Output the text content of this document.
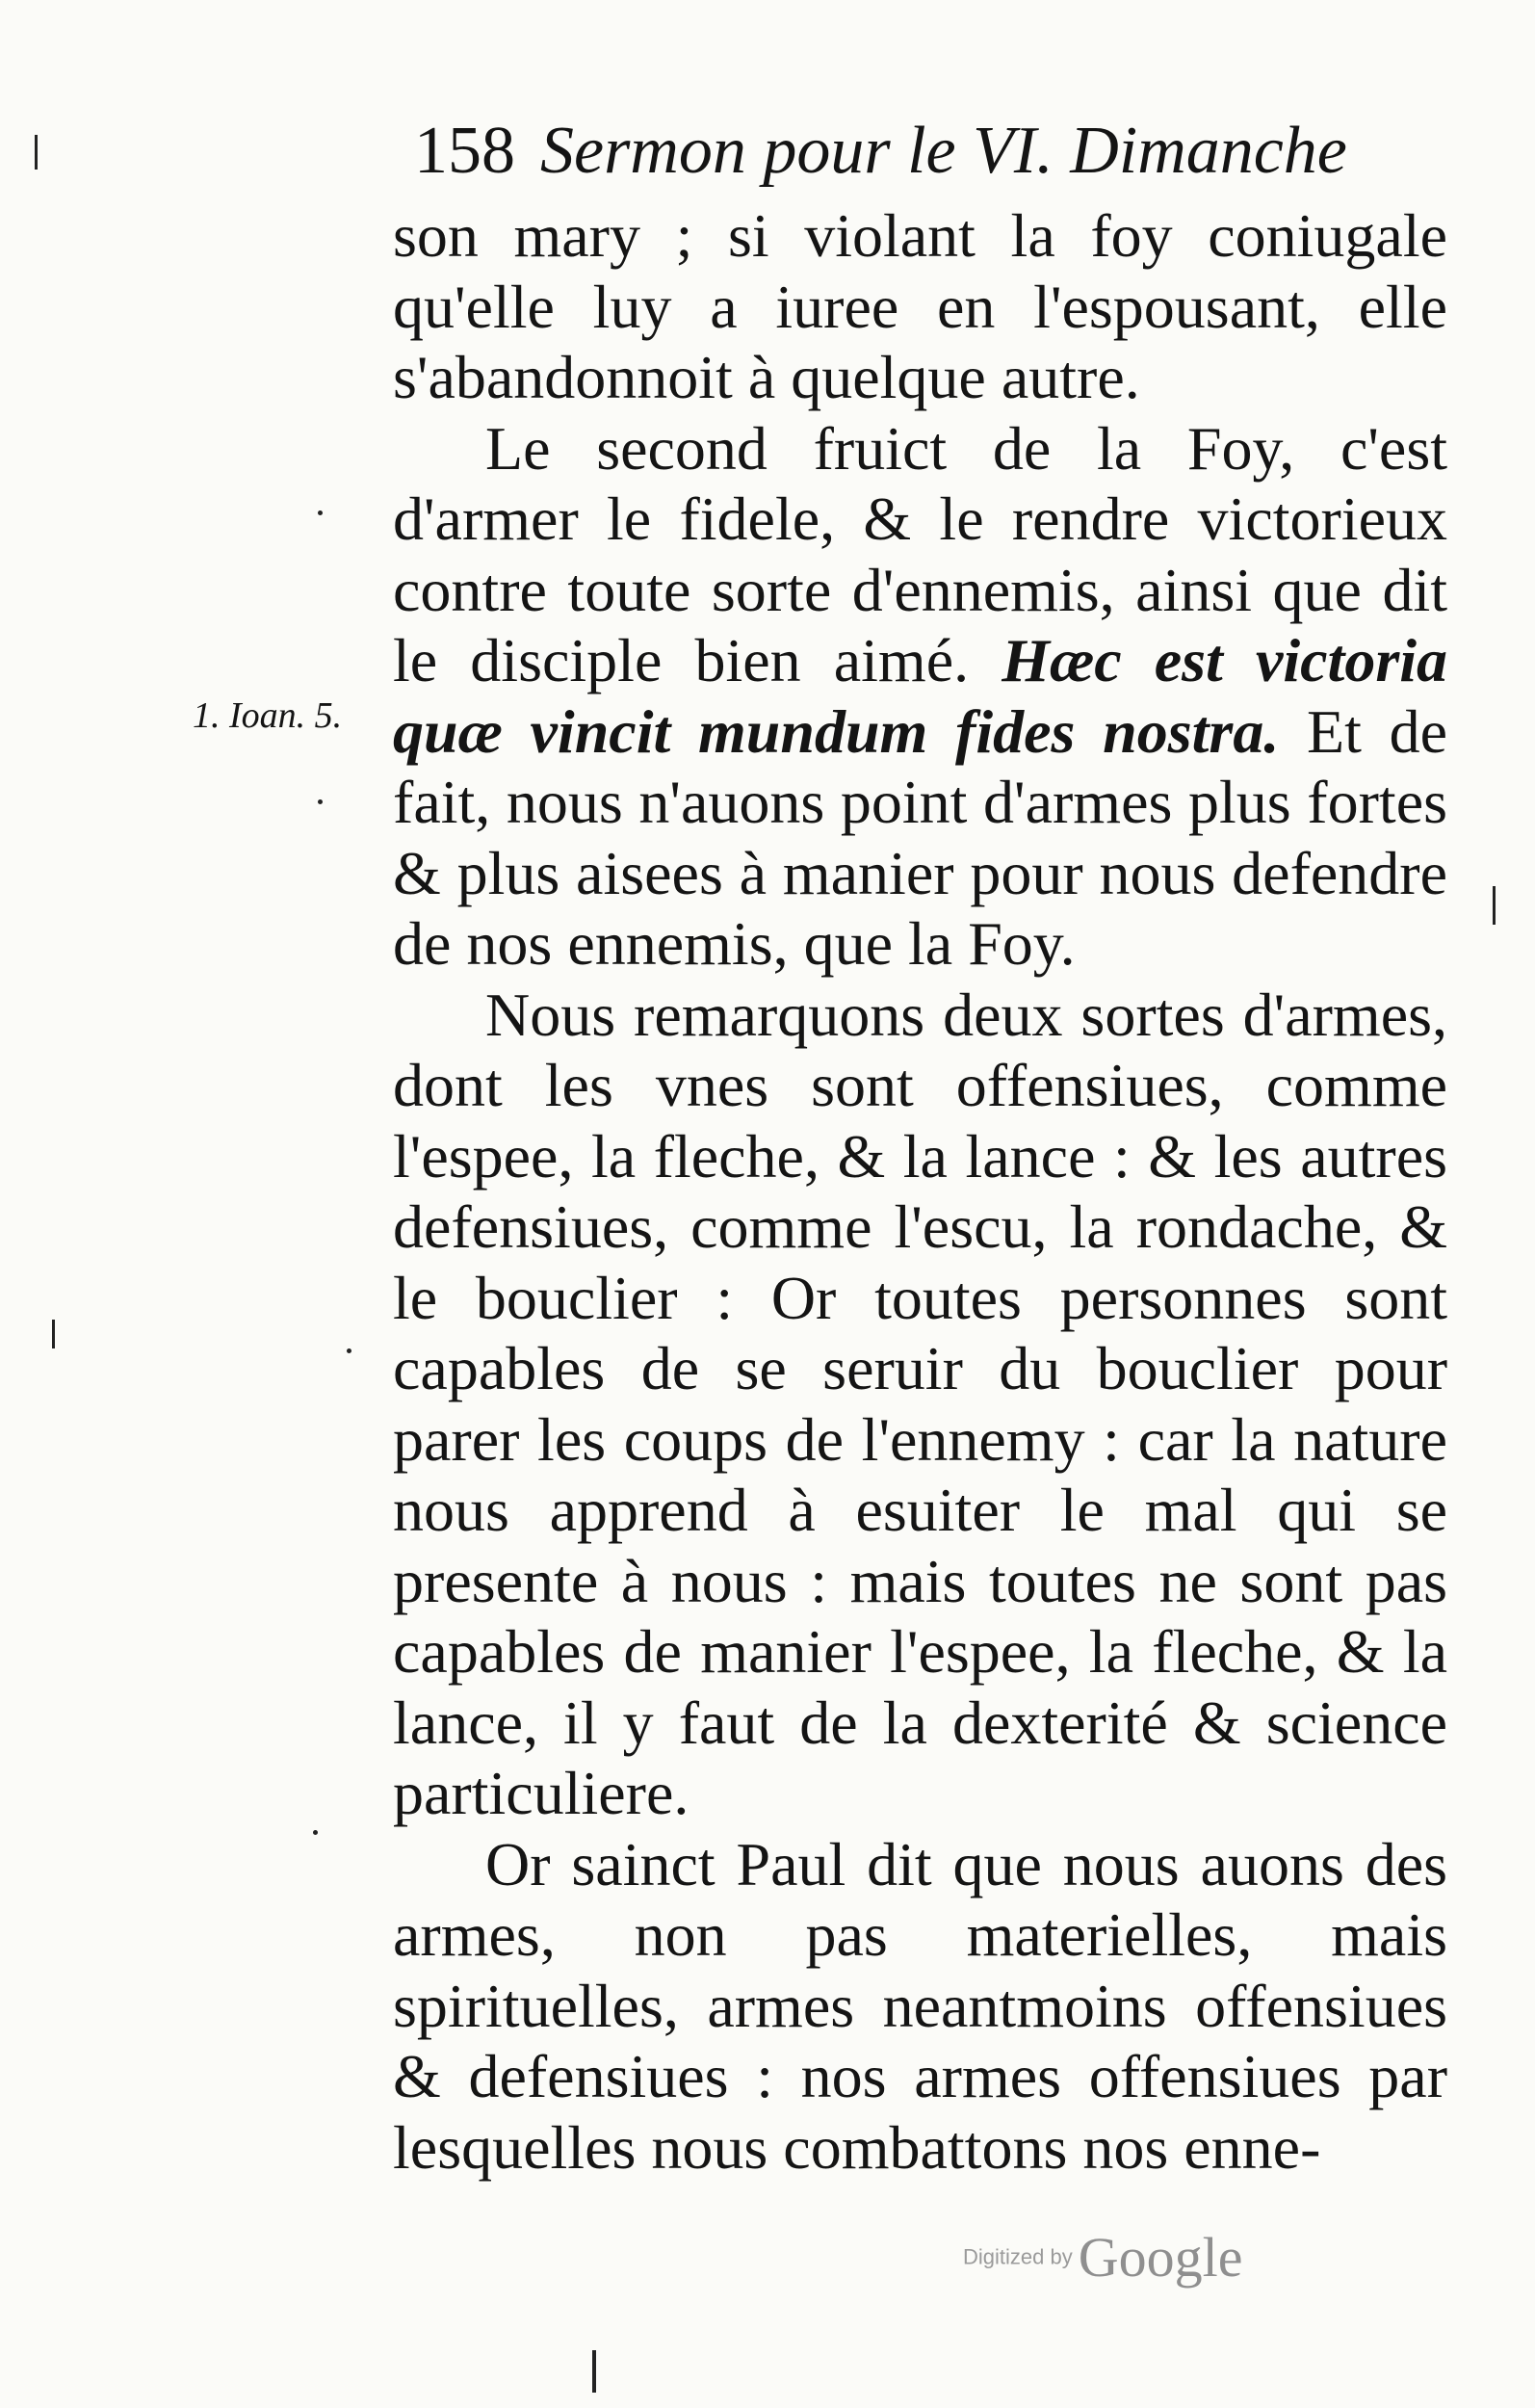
158 Sermon pour le VI. Dimanche
1. Ioan. 5.

son mary ; si violant la foy coniugale qu'elle luy a iuree en l'espousant, elle s'abandonnoit à quelque autre.

Le second fruict de la Foy, c'est d'armer le fidele, & le rendre victorieux contre toute sorte d'ennemis, ainsi que dit le disciple bien aimé. Hæc est victoria quæ vincit mundum fides nostra. Et de fait, nous n'auons point d'armes plus fortes & plus aisees à manier pour nous defendre de nos ennemis, que la Foy.

Nous remarquons deux sortes d'armes, dont les vnes sont offensiues, comme l'espee, la fleche, & la lance : & les autres defensiues, comme l'escu, la rondache, & le bouclier : Or toutes personnes sont capables de se seruir du bouclier pour parer les coups de l'ennemy : car la nature nous apprend à esuiter le mal qui se presente à nous : mais toutes ne sont pas capables de manier l'espee, la fleche, & la lance, il y faut de la dexterité & science particuliere.

Or sainct Paul dit que nous auons des armes, non pas materielles, mais spirituelles, armes neantmoins offensiues & defensiues : nos armes offensiues par lesquelles nous combattons nos enne-

Digitized by Google
